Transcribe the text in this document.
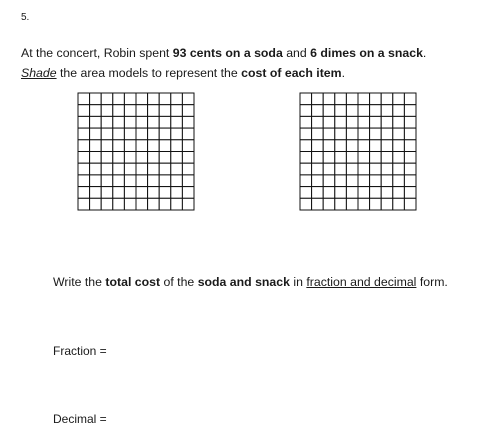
5.
At the concert, Robin spent 93 cents on a soda and 6 dimes on a snack. Shade the area models to represent the cost of each item.
Write the total cost of the soda and snack in fraction and decimal form.
Fraction =
Decimal =
